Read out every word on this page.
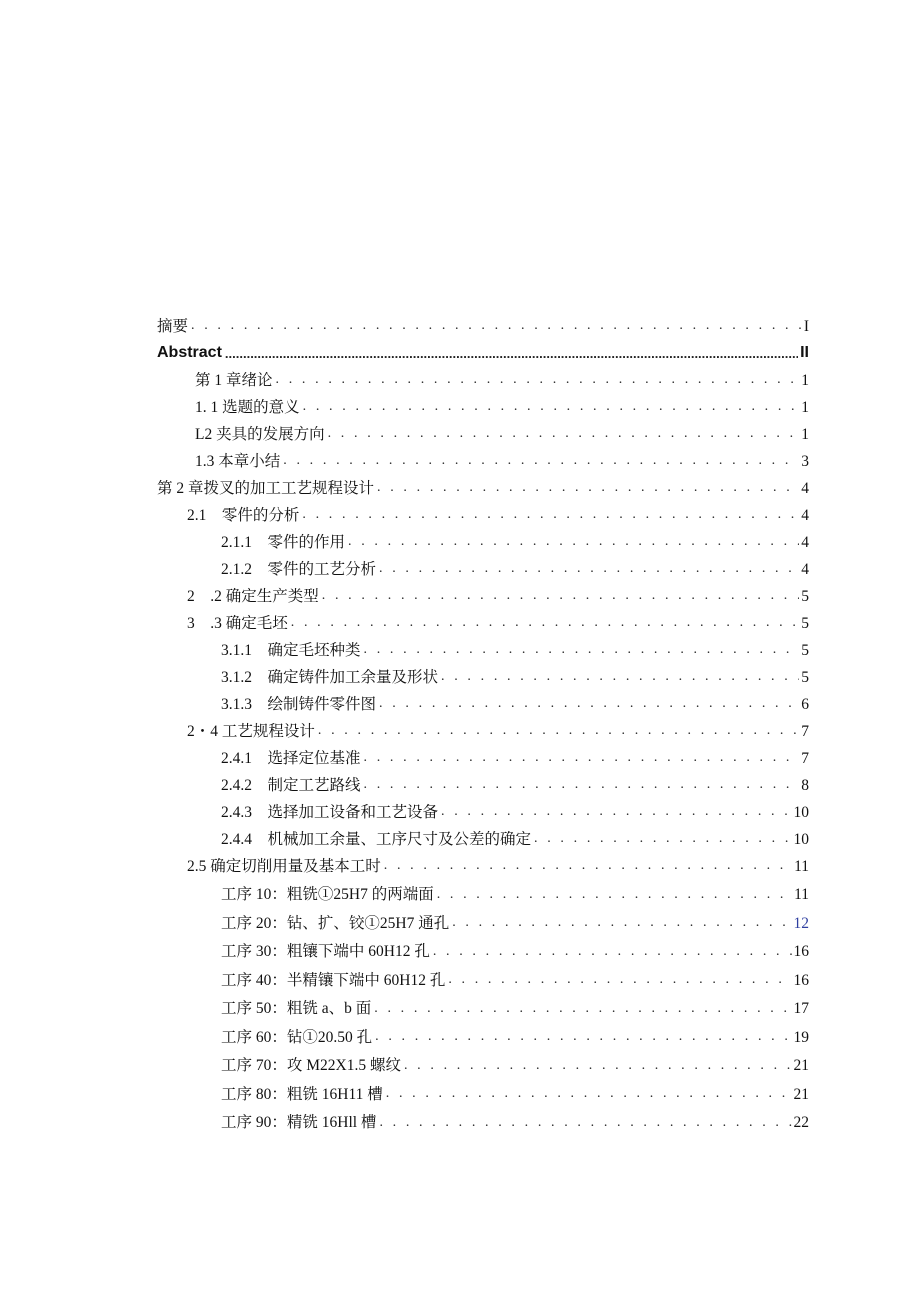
摘要 . . .	I
Abstract .....	II
第 1 章绪论 . . .	1
1. 1 选题的意义 . . .	1
L2 夹具的发展方向 . . .	1
1.3 本章小结 . . .	3
第 2 章拨叉的加工工艺规程设计 . . .	4
2.1　零件的分析 . . .	4
2.1.1　零件的作用 . . .	4
2.1.2　零件的工艺分析 . . .	4
2　.2 确定生产类型 . . .	5
3　.3 确定毛坯 . . .	5
3.1.1　确定毛坯种类 . . .	5
3.1.2　确定铸件加工余量及形状 . . .	5
3.1.3　绘制铸件零件图 . . .	6
2・4 工艺规程设计 . . .	7
2.4.1　选择定位基准 . . .	7
2.4.2　制定工艺路线 . . .	8
2.4.3　选择加工设备和工艺设备 . . .	10
2.4.4　机械加工余量、工序尺寸及公差的确定 . . .	10
2.5 确定切削用量及基本工时 . . .	11
工序 10：粗铣①25H7 的两端面 . . .	11
工序 20：钻、扩、铰①25H7 通孔 . . .	12
工序 30：粗镶下端中 60H12 孔 . . .	16
工序 40：半精镶下端中 60H12 孔 . . .	16
工序 50：粗铣 a、b 面 . . .	17
工序 60：钻①20.50 孔 . . .	19
工序 70：攻 M22X1.5 螺纹 . . .	21
工序 80：粗铣 16H11 槽 . . .	21
工序 90：精铣 16Hll 槽 . . .	22
